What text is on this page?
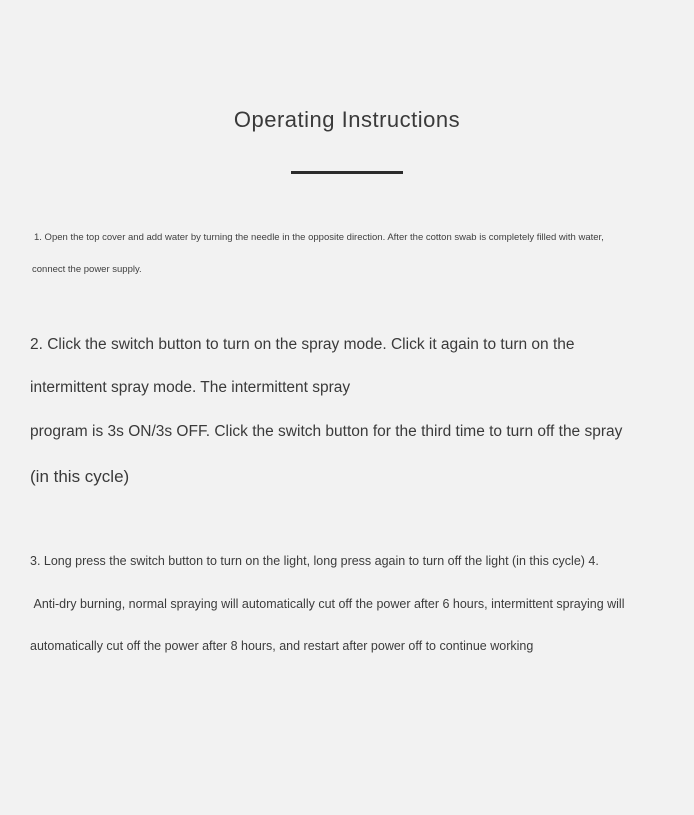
Operating Instructions
1. Open the top cover and add water by turning the needle in the opposite direction. After the cotton swab is completely filled with water,
connect the power supply.
2. Click the switch button to turn on the spray mode. Click it again to turn on the
intermittent spray mode. The intermittent spray
program is 3s ON/3s OFF. Click the switch button for the third time to turn off the spray
(in this cycle)
3. Long press the switch button to turn on the light, long press again to turn off the light (in this cycle) 4.
Anti-dry burning, normal spraying will automatically cut off the power after 6 hours, intermittent spraying will
automatically cut off the power after 8 hours, and restart after power off to continue working
